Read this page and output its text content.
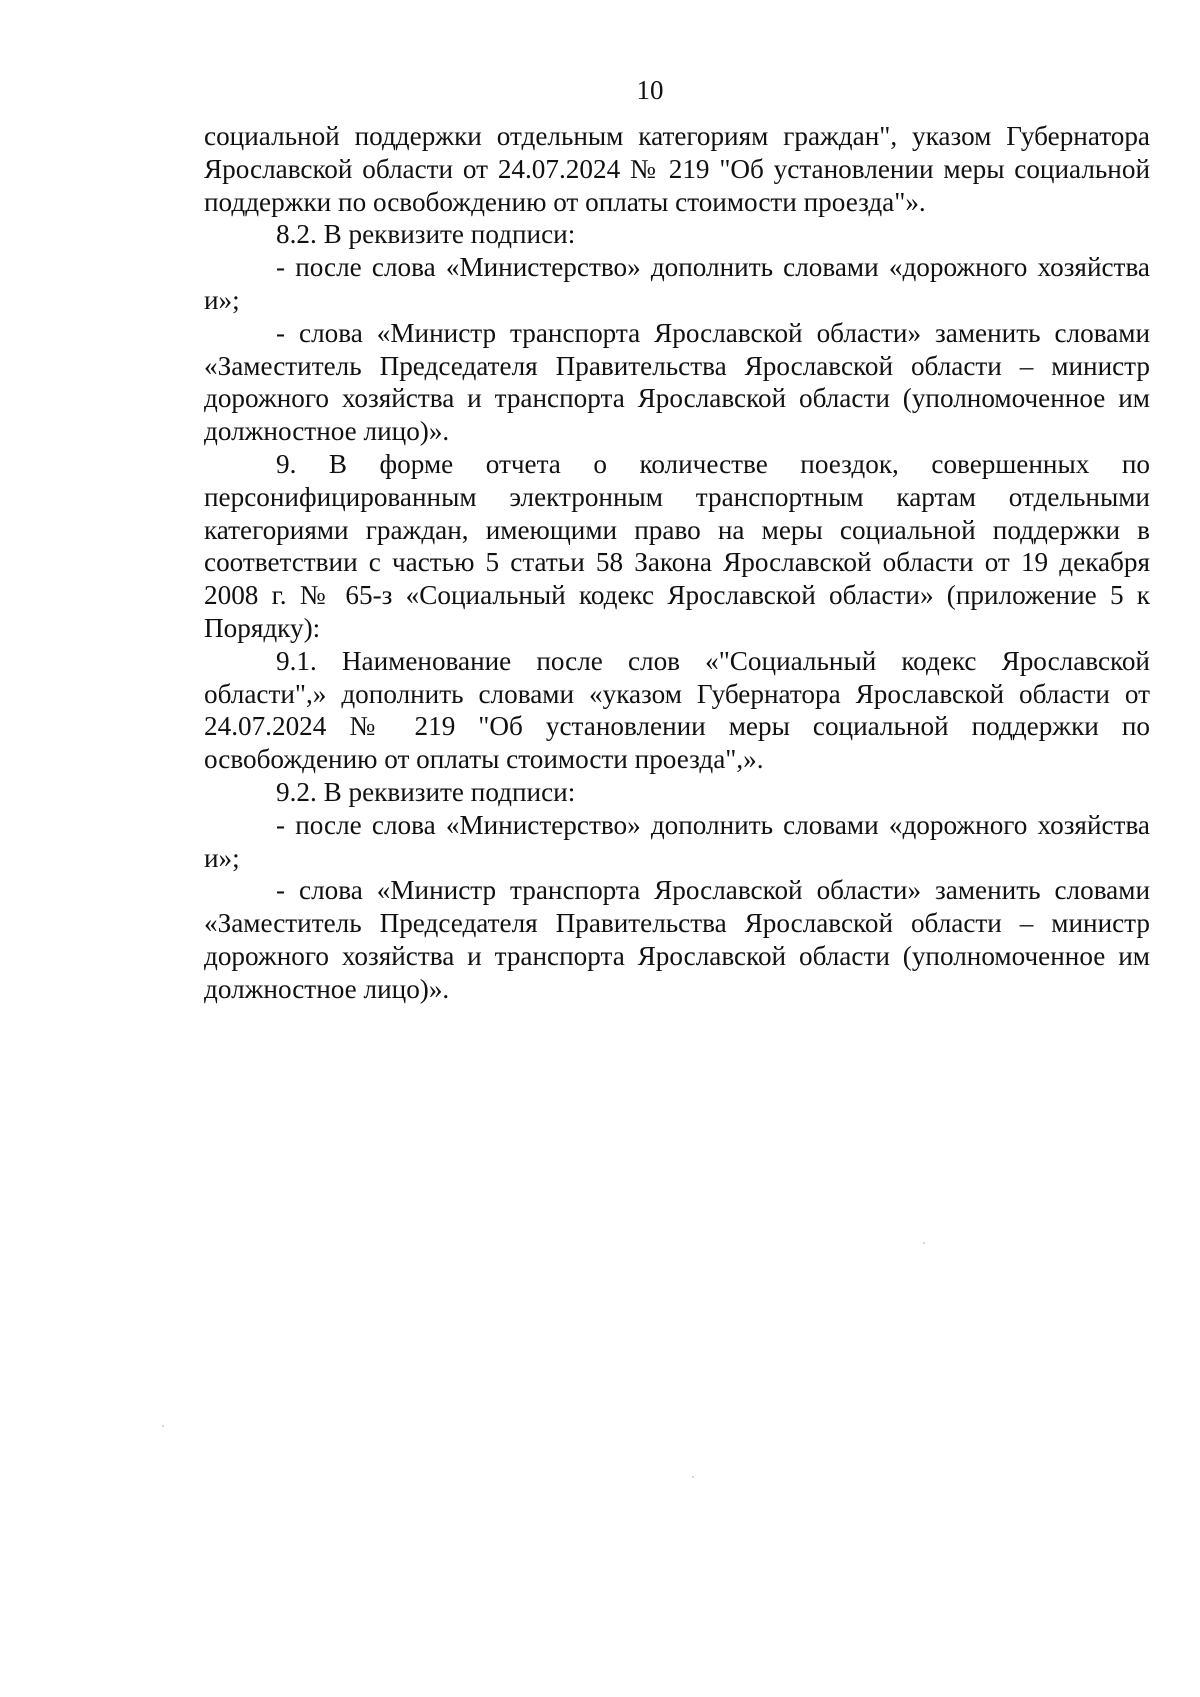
10

социальной поддержки отдельным категориям граждан", указом Губернатора Ярославской области от 24.07.2024 № 219 "Об установлении меры социальной поддержки по освобождению от оплаты стоимости проезда"».

8.2. В реквизите подписи:

- после слова «Министерство» дополнить словами «дорожного хозяйства и»;

- слова «Министр транспорта Ярославской области» заменить словами «Заместитель Председателя Правительства Ярославской области – министр дорожного хозяйства и транспорта Ярославской области (уполномоченное им должностное лицо)».

9. В форме отчета о количестве поездок, совершенных по персонифицированным электронным транспортным картам отдельными категориями граждан, имеющими право на меры социальной поддержки в соответствии с частью 5 статьи 58 Закона Ярославской области от 19 декабря 2008 г. № 65-з «Социальный кодекс Ярославской области» (приложение 5 к Порядку):

9.1. Наименование после слов «"Социальный кодекс Ярославской области",» дополнить словами «указом Губернатора Ярославской области от 24.07.2024 № 219 "Об установлении меры социальной поддержки по освобождению от оплаты стоимости проезда",».

9.2. В реквизите подписи:

- после слова «Министерство» дополнить словами «дорожного хозяйства и»;

- слова «Министр транспорта Ярославской области» заменить словами «Заместитель Председателя Правительства Ярославской области – министр дорожного хозяйства и транспорта Ярославской области (уполномоченное им должностное лицо)».
